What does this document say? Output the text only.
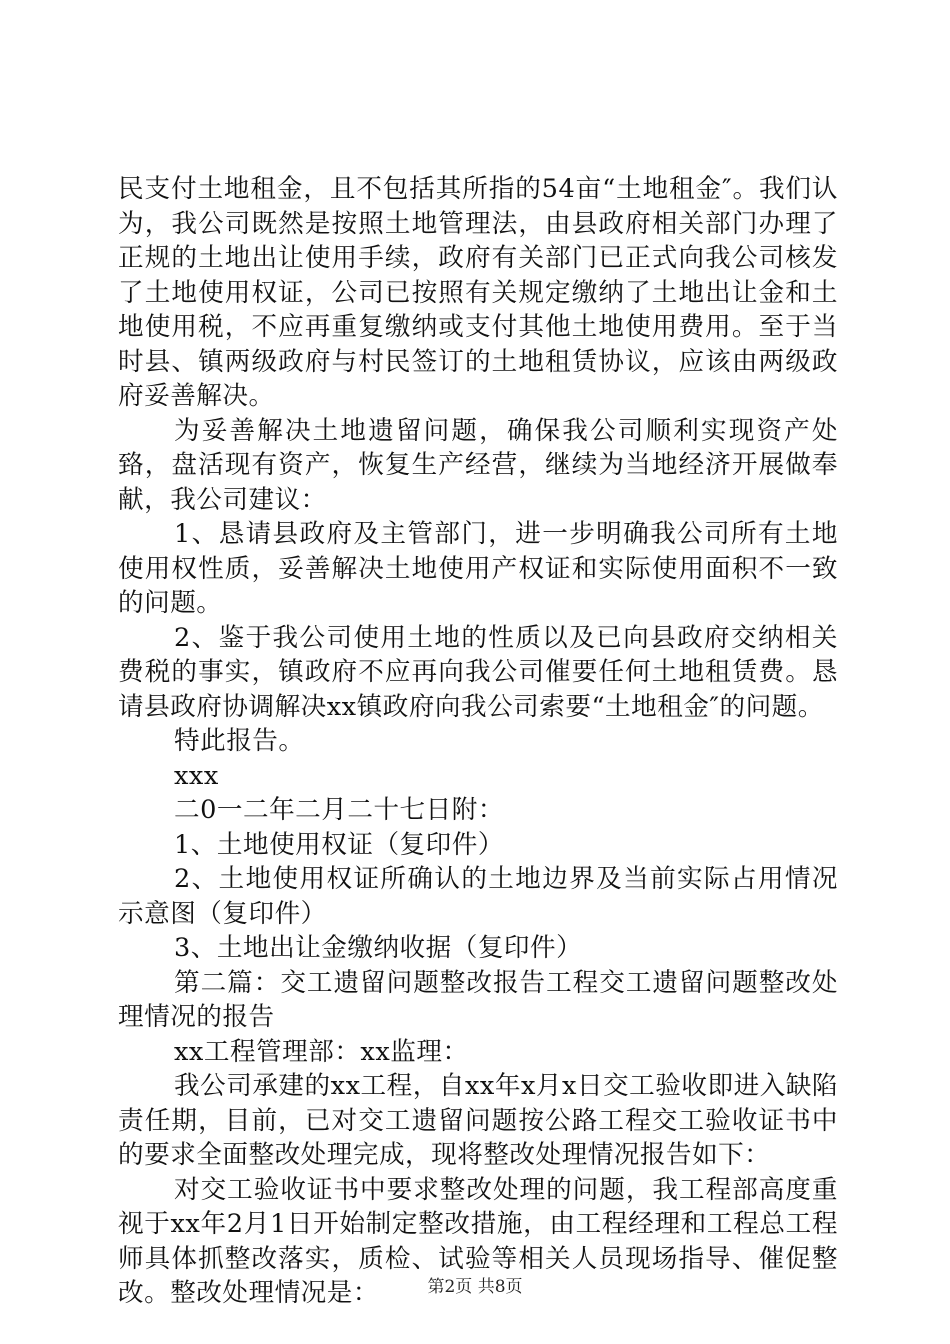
民支付土地租金，且不包括其所指的54亩“土地租金″。我们认为，我公司既然是按照土地管理法，由县政府相关部门办理了正规的土地出让使用手续，政府有关部门已正式向我公司核发了土地使用权证，公司已按照有关规定缴纳了土地出让金和土地使用税，不应再重复缴纳或支付其他土地使用费用。至于当时县、镇两级政府与村民签订的土地租赁协议，应该由两级政府妥善解决。

为妥善解决土地遗留问题，确保我公司顺利实现资产处臵，盘活现有资产，恢复生产经营，继续为当地经济开展做奉献，我公司建议：

1、恳请县政府及主管部门，进一步明确我公司所有土地使用权性质，妥善解决土地使用产权证和实际使用面积不一致的问题。

2、鉴于我公司使用土地的性质以及已向县政府交纳相关费税的事实，镇政府不应再向我公司催要任何土地租赁费。恳请县政府协调解决xx镇政府向我公司索要“土地租金″的问题。

特此报告。

xxx

二0一二年二月二十七日附：

1、土地使用权证（复印件）

2、土地使用权证所确认的土地边界及当前实际占用情况示意图（复印件）

3、土地出让金缴纳收据（复印件）

第二篇：交工遗留问题整改报告工程交工遗留问题整改处理情况的报告

xx工程管理部：xx监理：

我公司承建的xx工程，自xx年x月x日交工验收即进入缺陷责任期，目前，已对交工遗留问题按公路工程交工验收证书中的要求全面整改处理完成，现将整改处理情况报告如下：

对交工验收证书中要求整改处理的问题，我工程部高度重视于xx年2月1日开始制定整改措施，由工程经理和工程总工程师具体抓整改落实，质检、试验等相关人员现场指导、催促整改。整改处理情况是：	第2页 共8页
